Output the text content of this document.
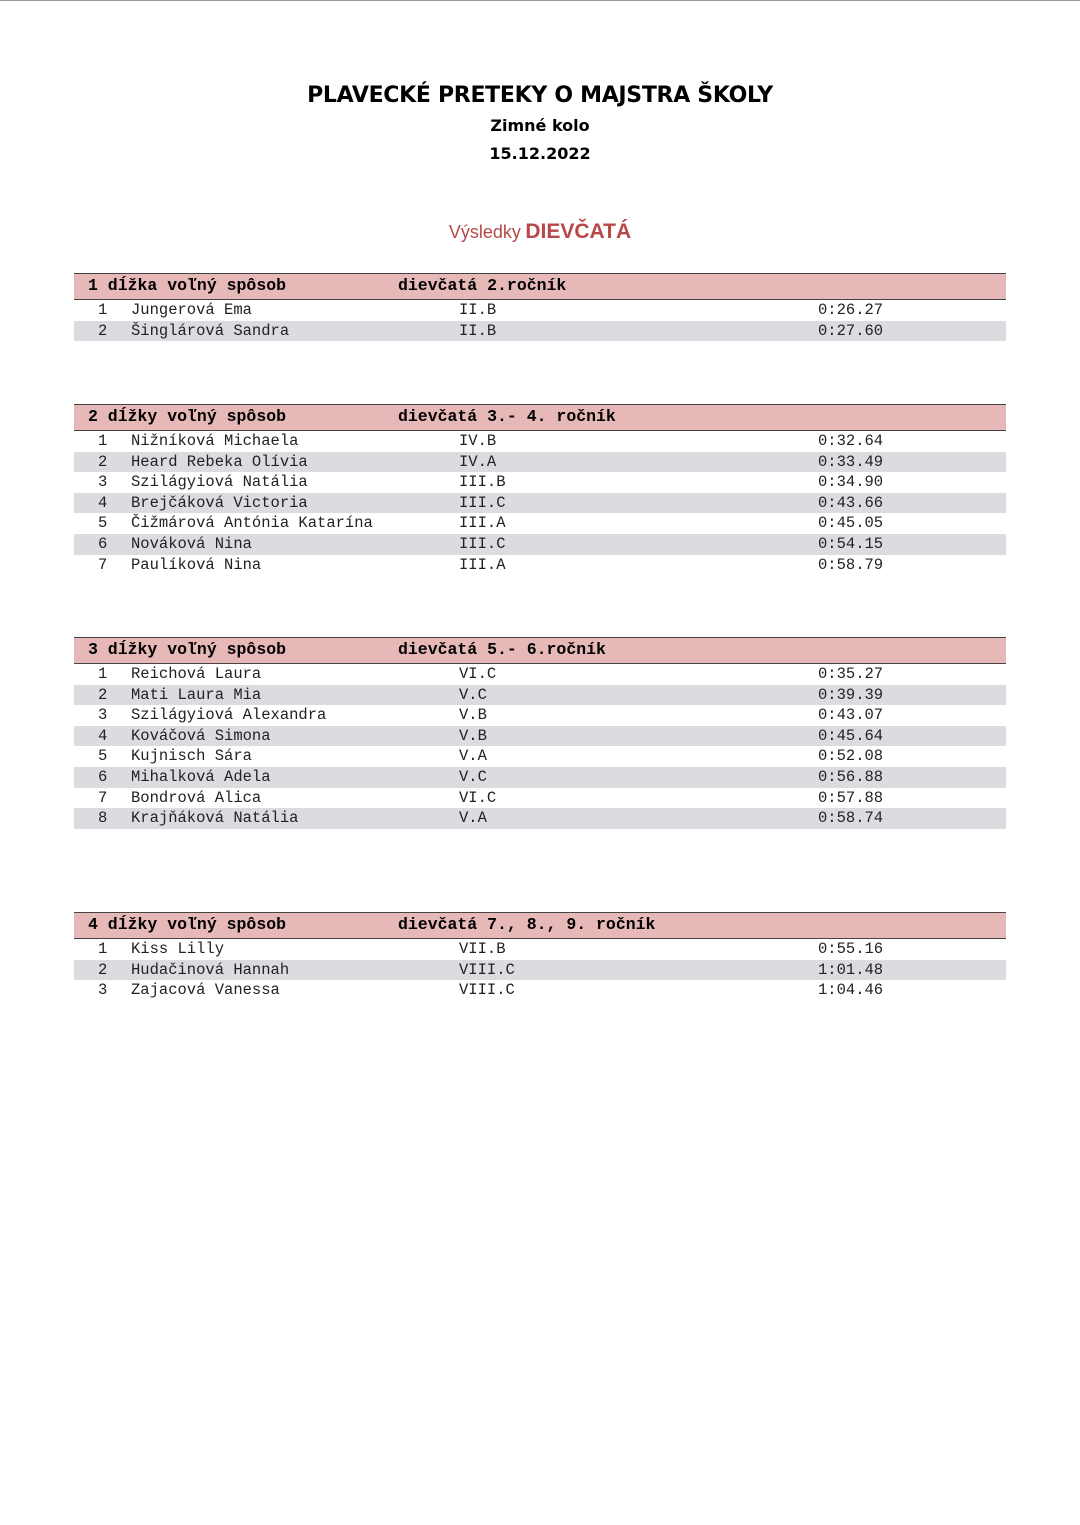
PLAVECKÉ PRETEKY O MAJSTRA ŠKOLY
Zimné kolo
15.12.2022
Výsledky DIEVČATÁ
1 dĺžka voľný spôsob	dievčatá 2.ročník
1 Jungerová Ema	II.B	0:26.27
2 Šinglárová Sandra	II.B	0:27.60
2 dĺžky voľný spôsob	dievčatá 3.- 4. ročník
1 Nižníková Michaela	IV.B	0:32.64
2 Heard Rebeka Olívia	IV.A	0:33.49
3 Szilágyiová Natália	III.B	0:34.90
4 Brejčáková Victoria	III.C	0:43.66
5 Čižmárová Antónia Katarína	III.A	0:45.05
6 Nováková Nina	III.C	0:54.15
7 Paulíková Nina	III.A	0:58.79
3 dĺžky voľný spôsob	dievčatá 5.- 6.ročník
1 Reichová Laura	VI.C	0:35.27
2 Mati Laura Mia	V.C	0:39.39
3 Szilágyiová Alexandra	V.B	0:43.07
4 Kováčová Simona	V.B	0:45.64
5 Kujnisch Sára	V.A	0:52.08
6 Mihalková Adela	V.C	0:56.88
7 Bondrová Alica	VI.C	0:57.88
8 Krajňáková Natália	V.A	0:58.74
4 dĺžky voľný spôsob	dievčatá 7., 8., 9. ročník
1 Kiss Lilly	VII.B	0:55.16
2 Hudačinová Hannah	VIII.C	1:01.48
3 Zajacová Vanessa	VIII.C	1:04.46
